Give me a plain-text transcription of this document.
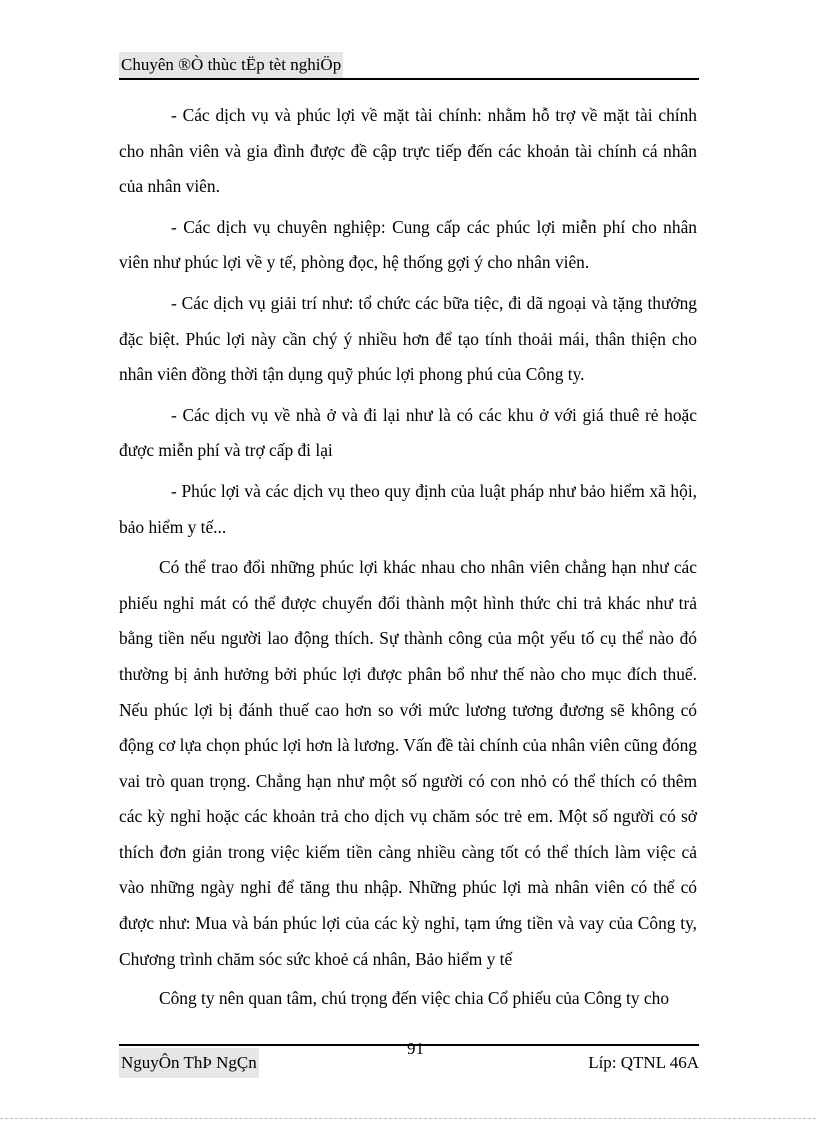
Chuyên ®Ò thùc tËp tèt nghiÖp

- Các dịch vụ và phúc lợi về mặt tài chính: nhằm hỗ trợ về mặt tài chính cho nhân viên và gia đình được đề cập trực tiếp đến các khoản tài chính cá nhân của nhân viên.

- Các dịch vụ chuyên nghiệp: Cung cấp các phúc lợi miễn phí cho nhân viên như phúc lợi về y tế, phòng đọc, hệ thống gợi ý cho nhân viên.

- Các dịch vụ giải trí như: tổ chức các bữa tiệc, đi dã ngoại và tặng thưởng đặc biệt. Phúc lợi này cần chý ý nhiều hơn để tạo tính thoải mái, thân thiện cho nhân viên đồng thời tận dụng quỹ phúc lợi phong phú của Công ty.

- Các dịch vụ về nhà ở và đi lại như là có các khu ở với giá thuê rẻ hoặc được miễn phí và trợ cấp đi lại

- Phúc lợi và các dịch vụ theo quy định của luật pháp như bảo hiểm xã hội, bảo hiểm y tế...

Có thể trao đổi những phúc lợi khác nhau cho nhân viên chẳng hạn như các phiếu nghỉ mát có thể được chuyển đổi thành một hình thức chi trả khác như trả bằng tiền nếu người lao động thích. Sự thành công của một yếu tố cụ thể nào đó thường bị ảnh hưởng bởi phúc lợi được phân bổ như thế nào cho mục đích thuế. Nếu phúc lợi bị đánh thuế cao hơn so với mức lương tương đương sẽ không có động cơ lựa chọn phúc lợi hơn là lương. Vấn đề tài chính của nhân viên cũng đóng vai trò quan trọng. Chẳng hạn như một số người có con nhỏ có thể thích có thêm các kỳ nghỉ hoặc các khoản trả cho dịch vụ chăm sóc trẻ em. Một số người có sở thích đơn giản trong việc kiếm tiền càng nhiều càng tốt có thể thích làm việc cả vào những ngày nghỉ để tăng thu nhập. Những phúc lợi mà nhân viên có thể có được như: Mua và bán phúc lợi của các kỳ nghỉ, tạm ứng tiền và vay của Công ty, Chương trình chăm sóc sức khoẻ cá nhân, Bảo hiểm y tế

Công ty nên quan tâm, chú trọng đến việc chia Cổ phiếu của Công ty cho

NguyÔn ThÞ NgÇn
91
Líp: QTNL 46A
